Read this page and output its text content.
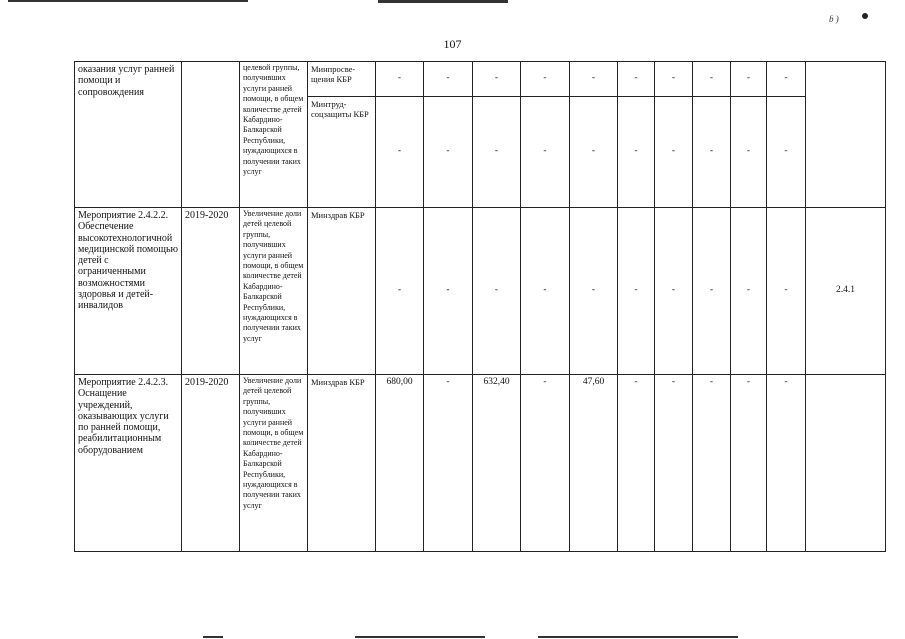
ɓ )
107
оказания услуг ранней помощи и сопровождения		целевой группы, получивших услуги ранней помощи, в общем количестве детей Кабардино-Балкарской Республики, нуждающихся в получении таких услуг	Минпросве-щения КБР	-	-	-	-	-	-	-	-	-	-	
			Минтруд-соцзащиты КБР	-	-	-	-	-	-	-	-	-	-	
Мероприятие 2.4.2.2. Обеспечение высокотехнологичной медицинской помощью детей с ограниченными возможностями здоровья и детей-инвалидов	2019-2020	Увеличение доли детей целевой группы, получивших услуги ранней помощи, в общем количестве детей Кабардино-Балкарской Республики, нуждающихся в получении таких услуг	Минздрав КБР	-	-	-	-	-	-	-	-	-	-	2.4.1
Мероприятие 2.4.2.3. Оснащение учреждений, оказывающих услуги по ранней помощи, реабилитационным оборудованием	2019-2020	Увеличение доли детей целевой группы, получивших услуги ранней помощи, в общем количестве детей Кабардино-Балкарской Республики, нуждающихся в получении таких услуг	Минздрав КБР	680,00	-	632,40	-	47,60	-	-	-	-	-	
